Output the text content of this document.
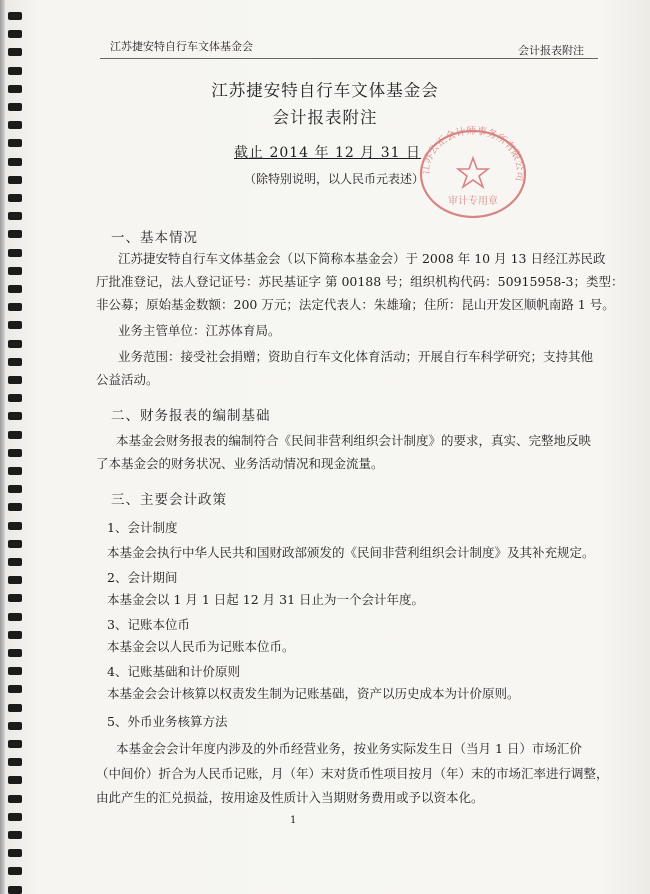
江苏捷安特自行车文体基金会	会计报表附注
江苏捷安特自行车文体基金会
会计报表附注
截止 2014 年 12 月 31 日
（除特别说明，以人民币元表述）
江苏公正会计师事务所有限公司
审计专用章
一、基本情况
江苏捷安特自行车文体基金会（以下简称本基金会）于 2008 年 10 月 13 日经江苏民政
厅批准登记，法人登记证号：苏民基证字 第 00188 号；组织机构代码：50915958-3；类型：
非公募；原始基金数额：200 万元；法定代表人：朱雄瑜；住所：昆山开发区顺帆南路 1 号。
业务主管单位：江苏体育局。
业务范围：接受社会捐赠；资助自行车文化体育活动；开展自行车科学研究；支持其他
公益活动。
二、财务报表的编制基础
本基金会财务报表的编制符合《民间非营利组织会计制度》的要求，真实、完整地反映
了本基金会的财务状况、业务活动情况和现金流量。
三、主要会计政策
1、会计制度
本基金会执行中华人民共和国财政部颁发的《民间非营利组织会计制度》及其补充规定。
2、会计期间
本基金会以 1 月 1 日起 12 月 31 日止为一个会计年度。
3、记账本位币
本基金会以人民币为记账本位币。
4、记账基础和计价原则
本基金会会计核算以权责发生制为记账基础，资产以历史成本为计价原则。
5、外币业务核算方法
本基金会会计年度内涉及的外币经营业务，按业务实际发生日（当月 1 日）市场汇价
（中间价）折合为人民币记账，月（年）末对货币性项目按月（年）末的市场汇率进行调整，
由此产生的汇兑损益，按用途及性质计入当期财务费用或予以资本化。
1
